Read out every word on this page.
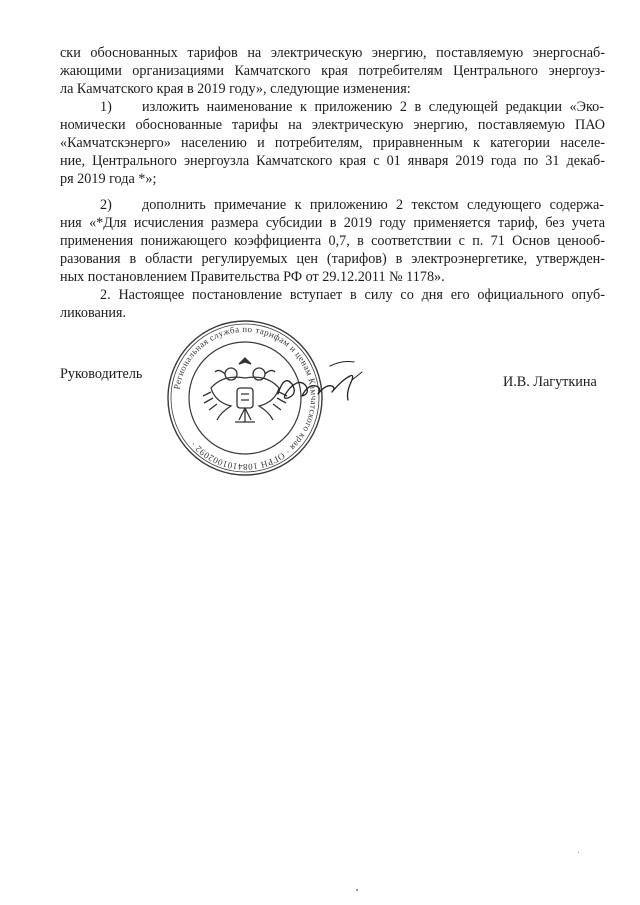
ски обоснованных тарифов на электрическую энергию, поставляемую энергоснаб-
жающими организациями Камчатского края потребителям Центрального энергоуз-
ла Камчатского края в 2019 году», следующие изменения:
1) изложить наименование к приложению 2 в следующей редакции «Эко-
номически обоснованные тарифы на электрическую энергию, поставляемую ПАО
«Камчатскэнерго» населению и потребителям, приравненным к категории населе-
ние, Центрального энергоузла Камчатского края с 01 января 2019 года по 31 декаб-
ря 2019 года *»;
2) дополнить примечание к приложению 2 текстом следующего содержа-
ния «*Для исчисления размера субсидии в 2019 году применяется тариф, без учета
применения понижающего коэффициента 0,7, в соответствии с п. 71 Основ ценооб-
разования в области регулируемых цен (тарифов) в электроэнергетике, утвержден-
ных постановлением Правительства РФ от 29.12.2011 № 1178».
2. Настоящее постановление вступает в силу со дня его официального опуб-
ликования.
Региональная служба по тарифам и ценам Камчатского края · ОГРН 1084101002092 ·
Руководитель	И.В. Лагуткина
